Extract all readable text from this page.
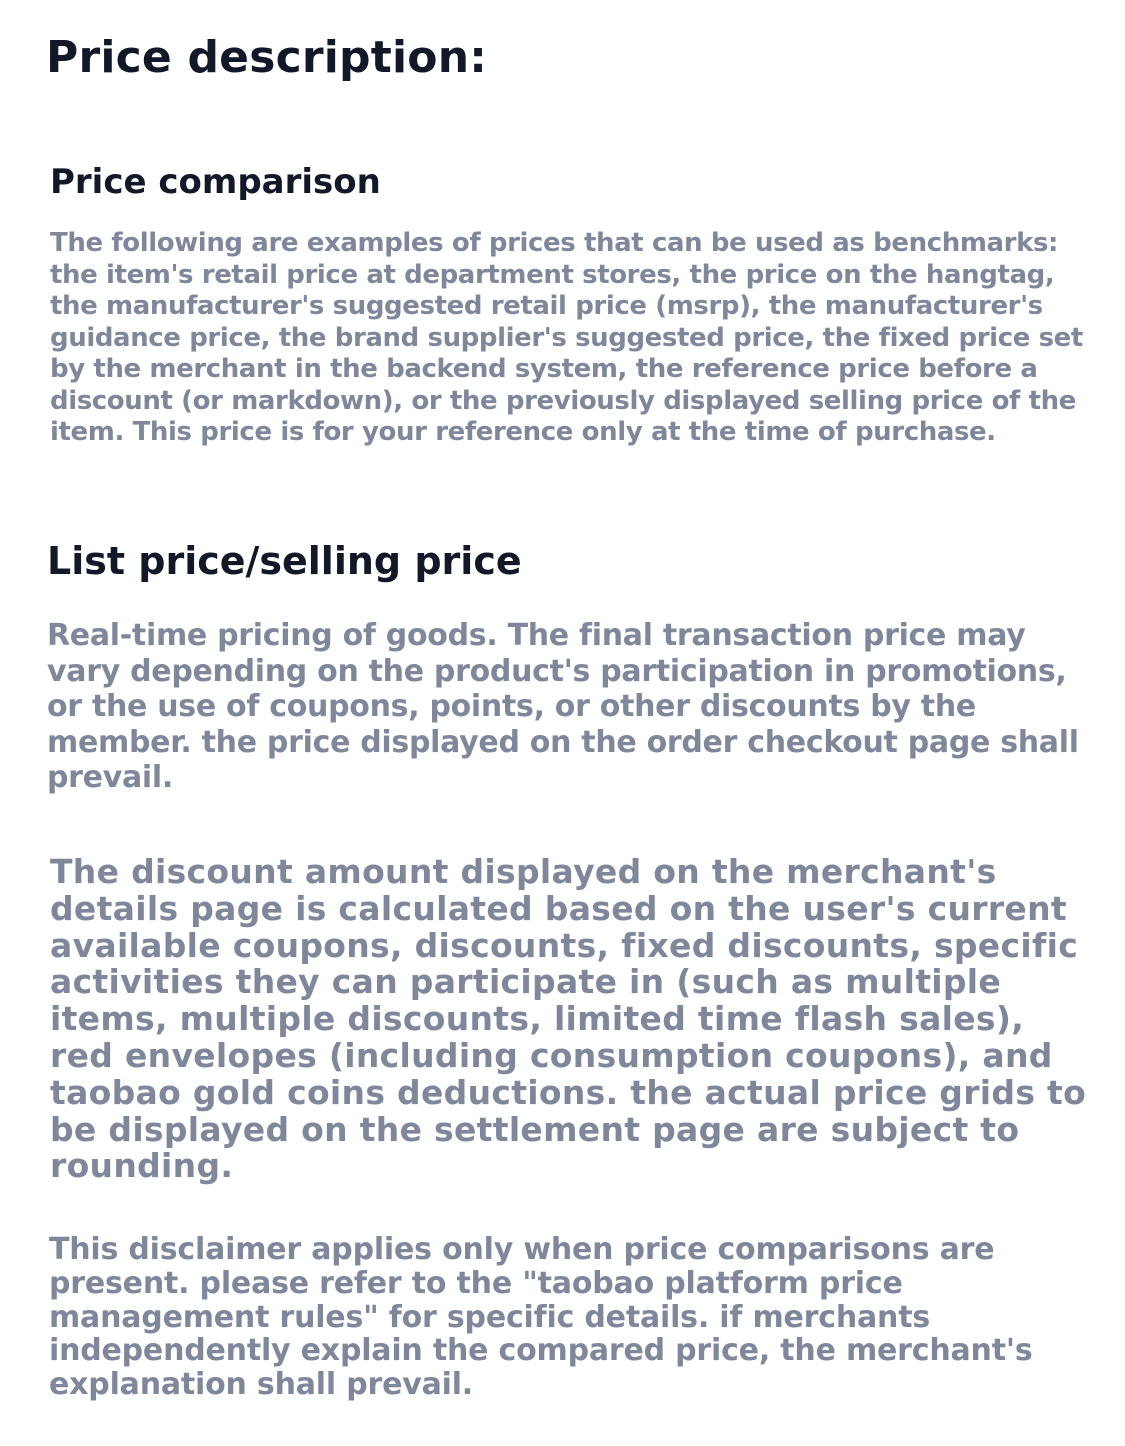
Price description:
Price comparison

The following are examples of prices that can be used as benchmarks: the item's retail price at department stores, the price on the hangtag, the manufacturer's suggested retail price (msrp), the manufacturer's guidance price, the brand supplier's suggested price, the fixed price set by the merchant in the backend system, the reference price before a discount (or markdown), or the previously displayed selling price of the item. This price is for your reference only at the time of purchase.

List price/selling price

Real-time pricing of goods. The final transaction price may vary depending on the product's participation in promotions, or the use of coupons, points, or other discounts by the member. the price displayed on the order checkout page shall prevail.

The discount amount displayed on the merchant's details page is calculated based on the user's current available coupons, discounts, fixed discounts, specific activities they can participate in (such as multiple items, multiple discounts, limited time flash sales), red envelopes (including consumption coupons), and taobao gold coins deductions. the actual price grids to be displayed on the settlement page are subject to rounding.

This disclaimer applies only when price comparisons are present. please refer to the "taobao platform price management rules" for specific details. if merchants independently explain the compared price, the merchant's explanation shall prevail.
